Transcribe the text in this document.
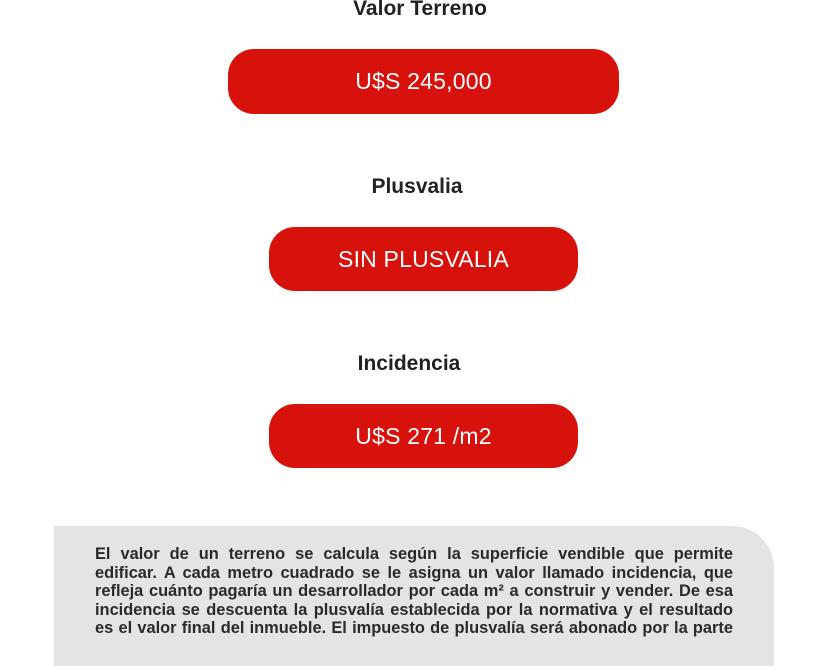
Valor Terreno
U$S 245,000
Plusvalia
SIN PLUSVALIA
Incidencia
U$S 271 /m2
El valor de un terreno se calcula según la superficie vendible que permite
edificar. A cada metro cuadrado se le asigna un valor llamado incidencia, que
refleja cuánto pagaría un desarrollador por cada m² a construir y vender. De esa
incidencia se descuenta la plusvalía establecida por la normativa y el resultado
es el valor final del inmueble. El impuesto de plusvalía será abonado por la parte
